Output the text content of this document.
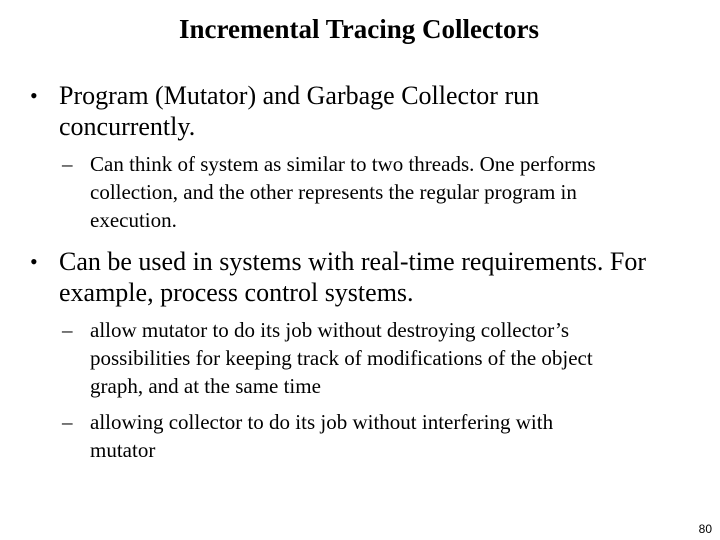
Incremental Tracing Collectors
• Program (Mutator) and Garbage Collector run
concurrently.
– Can think of system as similar to two threads. One performs
collection, and the other represents the regular program in
execution.
• Can be used in systems with real-time requirements. For
example, process control systems.
– allow mutator to do its job without destroying collector’s
possibilities for keeping track of modifications of the object
graph, and at the same time
– allowing collector to do its job without interfering with
mutator
80
